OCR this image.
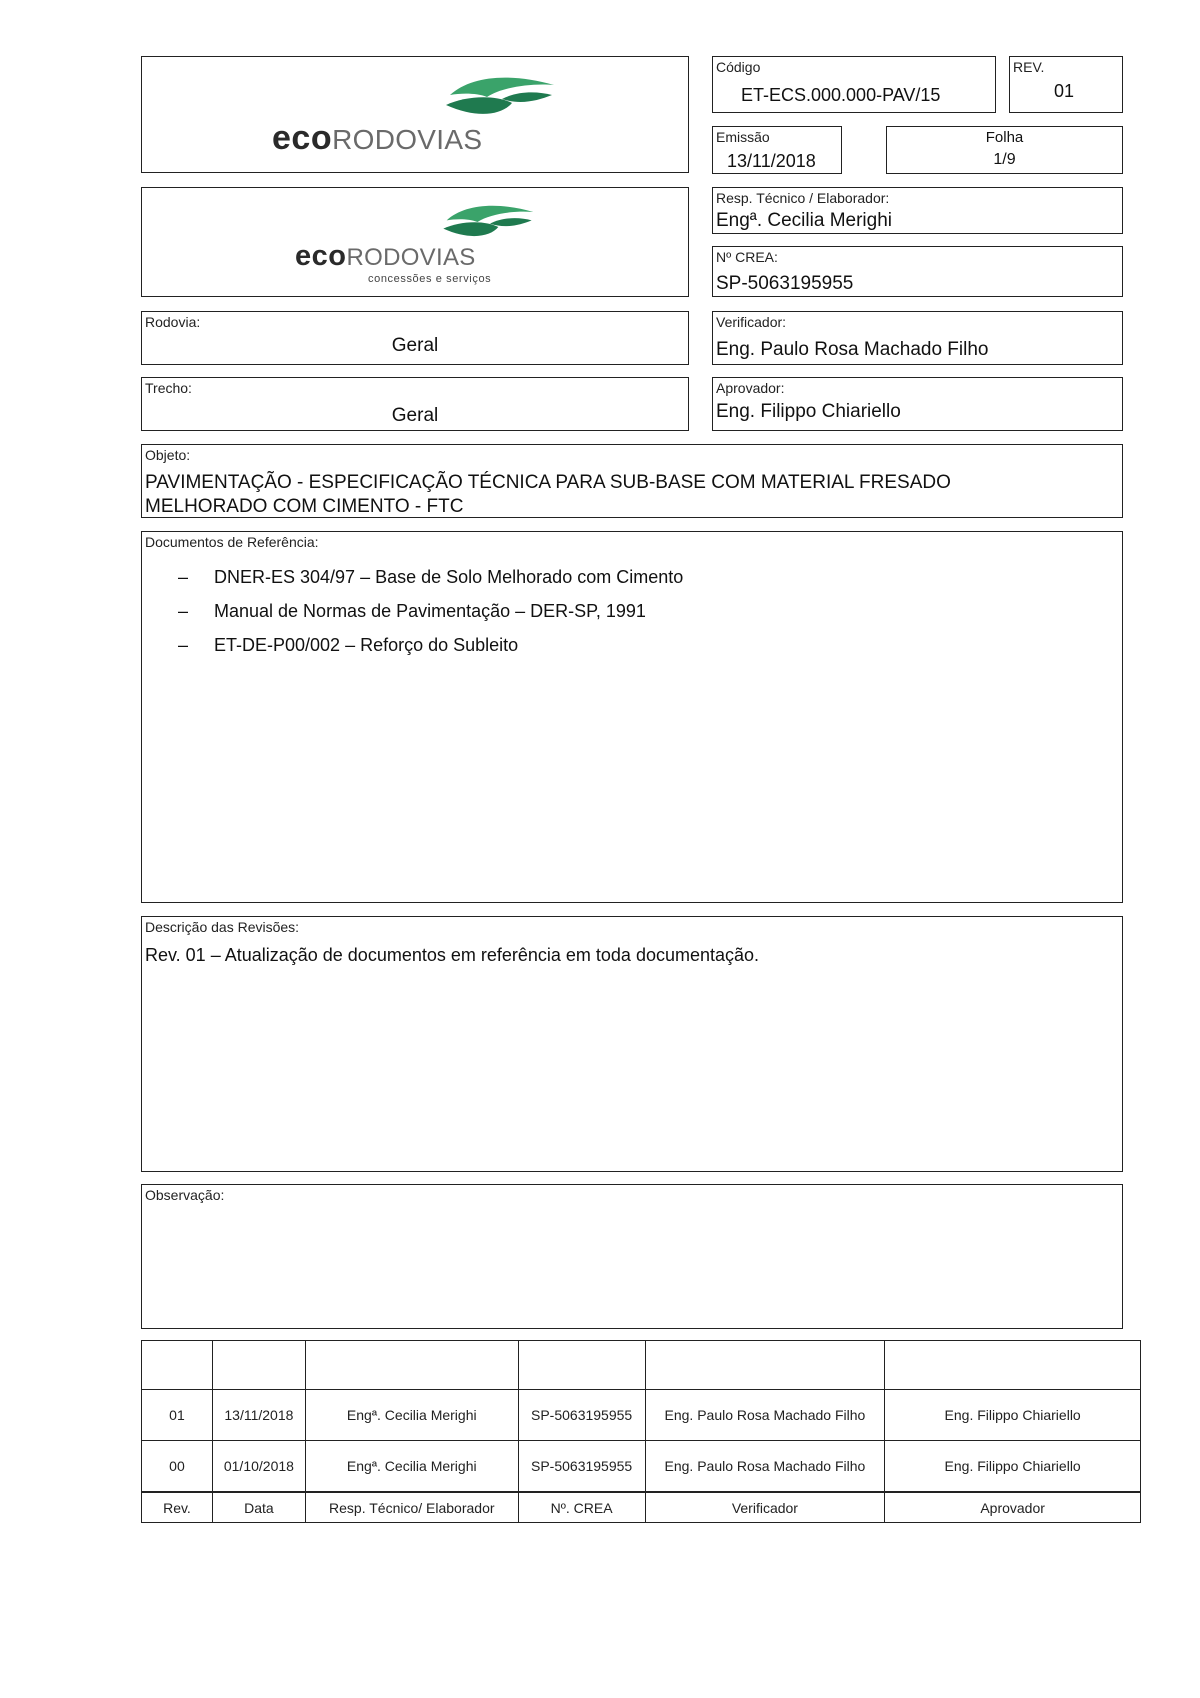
ecoRODOVIAS
ecoRODOVIAS
concessões e serviços
Código
ET-ECS.000.000-PAV/15
REV.
01
Emissão
13/11/2018
Folha
1/9
Resp. Técnico / Elaborador:
Engª. Cecilia Merighi
Nº CREA:
SP-5063195955
Rodovia:
Geral
Verificador:
Eng. Paulo Rosa Machado Filho
Trecho:
Geral
Aprovador:
Eng. Filippo Chiariello
Objeto:
PAVIMENTAÇÃO - ESPECIFICAÇÃO TÉCNICA PARA SUB-BASE COM MATERIAL FRESADO
MELHORADO COM CIMENTO - FTC
Documentos de Referência:
– DNER-ES 304/97 – Base de Solo Melhorado com Cimento
– Manual de Normas de Pavimentação – DER-SP, 1991
– ET-DE-P00/002 – Reforço do Subleito
Descrição das Revisões:
Rev. 01 – Atualização de documentos em referência em toda documentação.
Observação:

01	13/11/2018	Engª. Cecilia Merighi	SP-5063195955	Eng. Paulo Rosa Machado Filho	Eng. Filippo Chiariello
00	01/10/2018	Engª. Cecilia Merighi	SP-5063195955	Eng. Paulo Rosa Machado Filho	Eng. Filippo Chiariello
Rev.	Data	Resp. Técnico/ Elaborador	Nº. CREA	Verificador	Aprovador
